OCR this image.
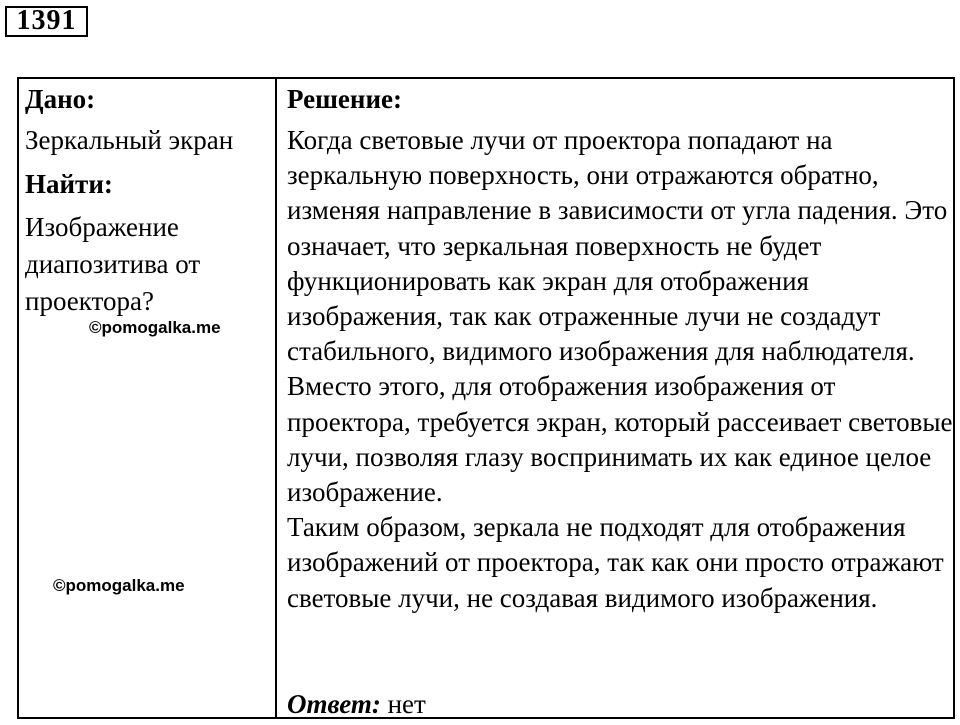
1391
Дано:
Зеркальный экран
Найти:
Изображение диапозитива от проектора?
©pomogalka.me
©pomogalka.me
Решение:

Когда световые лучи от проектора попадают на зеркальную поверхность, они отражаются обратно, изменяя направление в зависимости от угла падения. Это означает, что зеркальная поверхность не будет функционировать как экран для отображения изображения, так как отраженные лучи не создадут стабильного, видимого изображения для наблюдателя.

Вместо этого, для отображения изображения от проектора, требуется экран, который рассеивает световые лучи, позволяя глазу воспринимать их как единое целое изображение.

Таким образом, зеркала не подходят для отображения изображений от проектора, так как они просто отражают световые лучи, не создавая видимого изображения.

Ответ: нет
